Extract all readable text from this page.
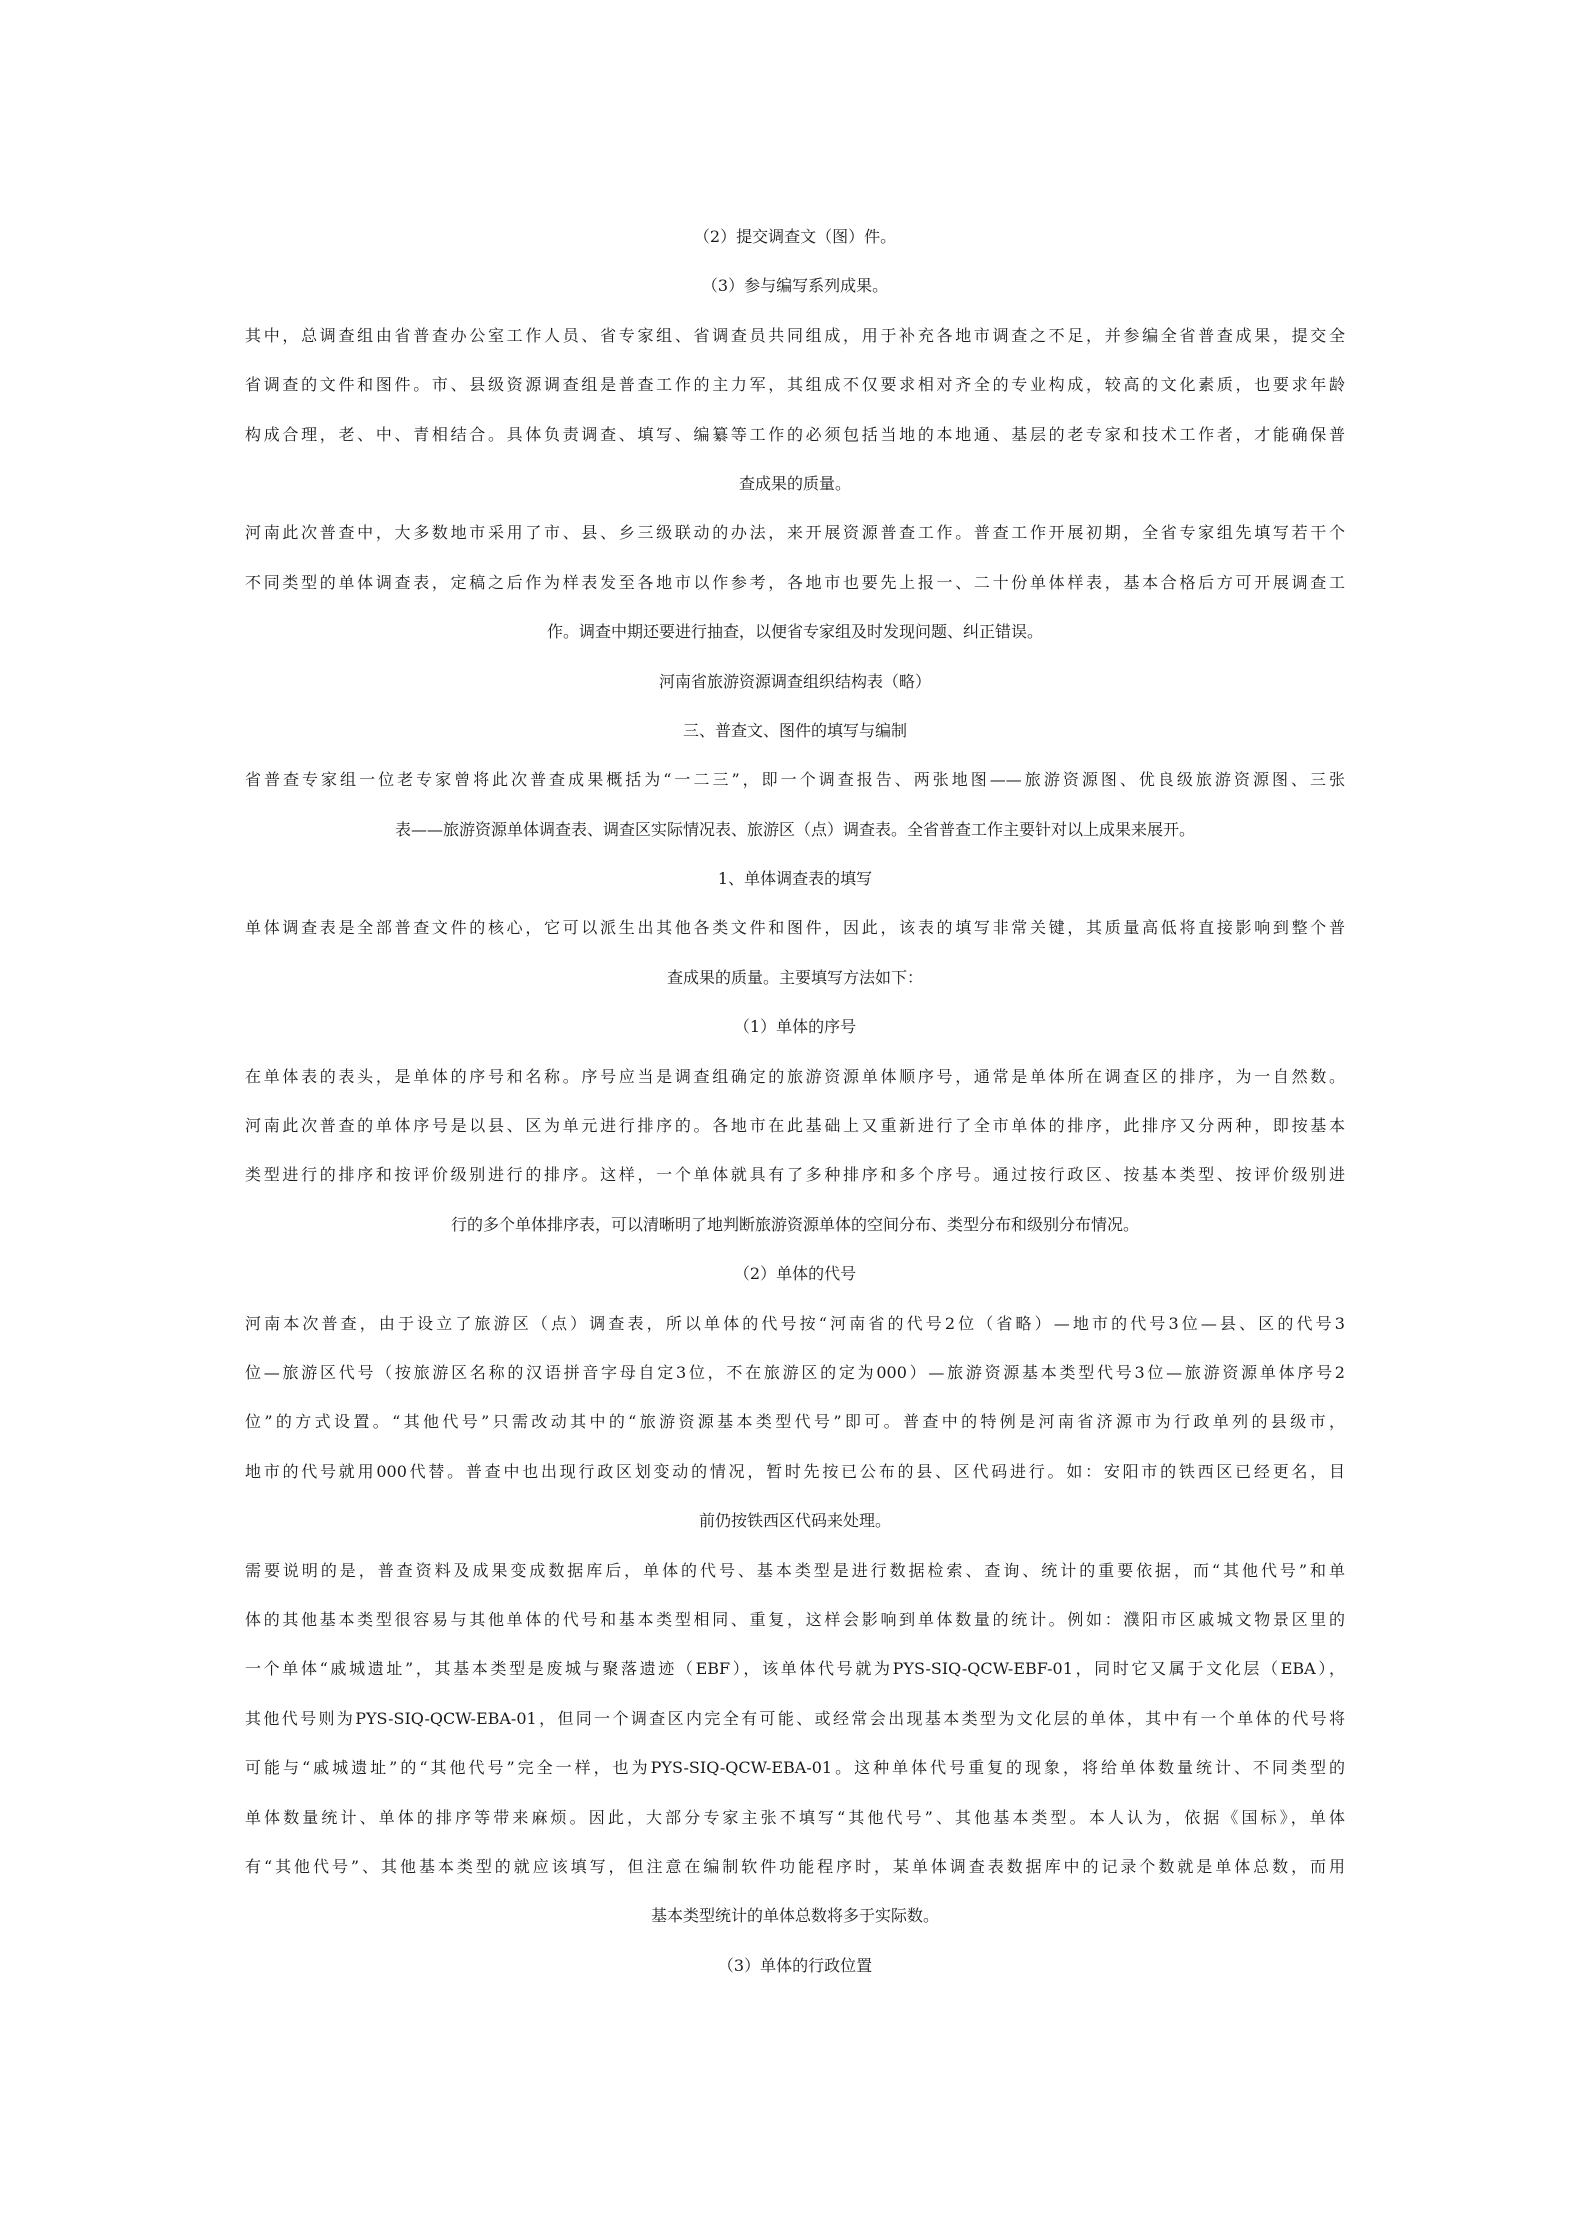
（2）提交调查文（图）件。
（3）参与编写系列成果。
其中，总调查组由省普查办公室工作人员、省专家组、省调查员共同组成，用于补充各地市调查之不足，并参编全省普查成果，提交全
省调查的文件和图件。市、县级资源调查组是普查工作的主力军，其组成不仅要求相对齐全的专业构成，较高的文化素质，也要求年龄
构成合理，老、中、青相结合。具体负责调查、填写、编纂等工作的必须包括当地的本地通、基层的老专家和技术工作者，才能确保普
查成果的质量。
河南此次普查中，大多数地市采用了市、县、乡三级联动的办法，来开展资源普查工作。普查工作开展初期，全省专家组先填写若干个
不同类型的单体调查表，定稿之后作为样表发至各地市以作参考，各地市也要先上报一、二十份单体样表，基本合格后方可开展调查工
作。调查中期还要进行抽查，以便省专家组及时发现问题、纠正错误。
河南省旅游资源调查组织结构表（略）
三、普查文、图件的填写与编制
省普查专家组一位老专家曾将此次普查成果概括为“一二三”，即一个调查报告、两张地图——旅游资源图、优良级旅游资源图、三张
表——旅游资源单体调查表、调查区实际情况表、旅游区（点）调查表。全省普查工作主要针对以上成果来展开。
1、单体调查表的填写
单体调查表是全部普查文件的核心，它可以派生出其他各类文件和图件，因此，该表的填写非常关键，其质量高低将直接影响到整个普
查成果的质量。主要填写方法如下：
（1）单体的序号
在单体表的表头，是单体的序号和名称。序号应当是调查组确定的旅游资源单体顺序号，通常是单体所在调查区的排序，为一自然数。
河南此次普查的单体序号是以县、区为单元进行排序的。各地市在此基础上又重新进行了全市单体的排序，此排序又分两种，即按基本
类型进行的排序和按评价级别进行的排序。这样，一个单体就具有了多种排序和多个序号。通过按行政区、按基本类型、按评价级别进
行的多个单体排序表，可以清晰明了地判断旅游资源单体的空间分布、类型分布和级别分布情况。
（2）单体的代号
河南本次普查，由于设立了旅游区（点）调查表，所以单体的代号按“河南省的代号2位（省略）—地市的代号3位—县、区的代号3
位—旅游区代号（按旅游区名称的汉语拼音字母自定3位，不在旅游区的定为000）—旅游资源基本类型代号3位—旅游资源单体序号2
位”的方式设置。“其他代号”只需改动其中的“旅游资源基本类型代号”即可。普查中的特例是河南省济源市为行政单列的县级市，
地市的代号就用000代替。普查中也出现行政区划变动的情况，暂时先按已公布的县、区代码进行。如：安阳市的铁西区已经更名，目
前仍按铁西区代码来处理。
需要说明的是，普查资料及成果变成数据库后，单体的代号、基本类型是进行数据检索、查询、统计的重要依据，而“其他代号”和单
体的其他基本类型很容易与其他单体的代号和基本类型相同、重复，这样会影响到单体数量的统计。例如：濮阳市区戚城文物景区里的
一个单体“戚城遗址”，其基本类型是废城与聚落遗迹（EBF），该单体代号就为PYS-SIQ-QCW-EBF-01，同时它又属于文化层（EBA），
其他代号则为PYS-SIQ-QCW-EBA-01，但同一个调查区内完全有可能、或经常会出现基本类型为文化层的单体，其中有一个单体的代号将
可能与“戚城遗址”的“其他代号”完全一样，也为PYS-SIQ-QCW-EBA-01。这种单体代号重复的现象，将给单体数量统计、不同类型的
单体数量统计、单体的排序等带来麻烦。因此，大部分专家主张不填写“其他代号”、其他基本类型。本人认为，依据《国标》，单体
有“其他代号”、其他基本类型的就应该填写，但注意在编制软件功能程序时，某单体调查表数据库中的记录个数就是单体总数，而用
基本类型统计的单体总数将多于实际数。
（3）单体的行政位置
